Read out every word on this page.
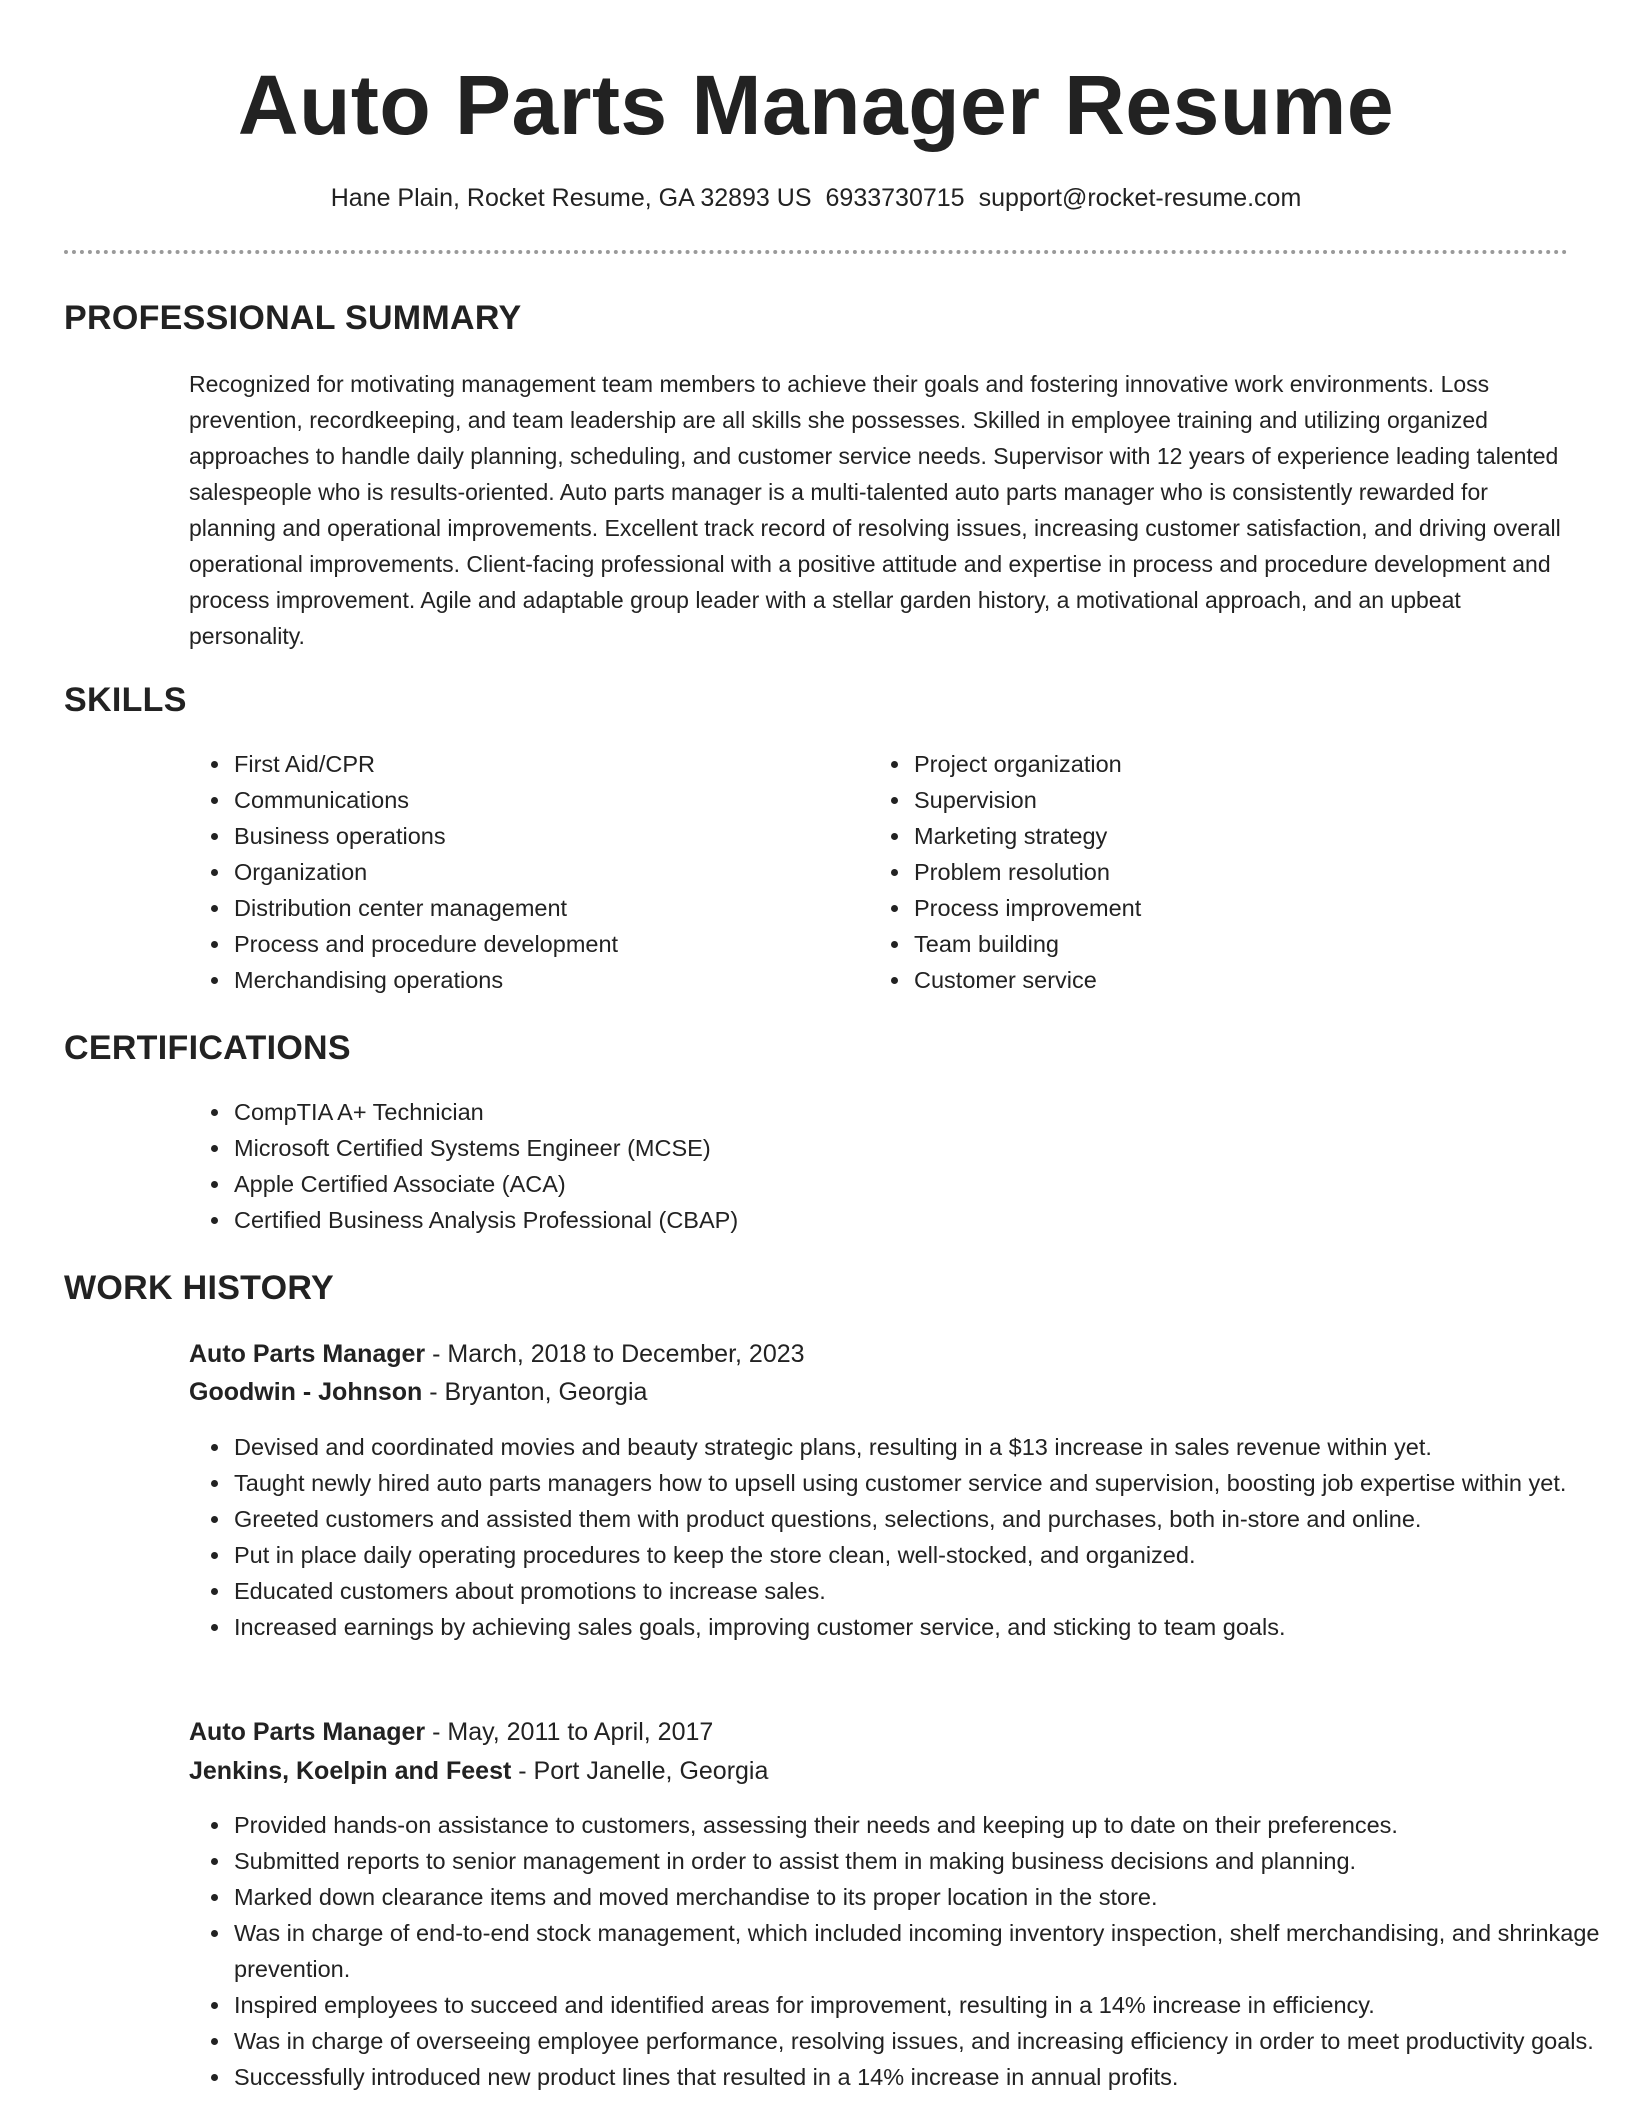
Auto Parts Manager Resume
Hane Plain, Rocket Resume, GA 32893 US 6933730715 support@rocket-resume.com
PROFESSIONAL SUMMARY

Recognized for motivating management team members to achieve their goals and fostering innovative work environments. Loss prevention, recordkeeping, and team leadership are all skills she possesses. Skilled in employee training and utilizing organized approaches to handle daily planning, scheduling, and customer service needs. Supervisor with 12 years of experience leading talented salespeople who is results-oriented. Auto parts manager is a multi-talented auto parts manager who is consistently rewarded for planning and operational improvements. Excellent track record of resolving issues, increasing customer satisfaction, and driving overall operational improvements. Client-facing professional with a positive attitude and expertise in process and procedure development and process improvement. Agile and adaptable group leader with a stellar garden history, a motivational approach, and an upbeat personality.

SKILLS
• First Aid/CPR
• Communications
• Business operations
• Organization
• Distribution center management
• Process and procedure development
• Merchandising operations
• Project organization
• Supervision
• Marketing strategy
• Problem resolution
• Process improvement
• Team building
• Customer service
CERTIFICATIONS
• CompTIA A+ Technician
• Microsoft Certified Systems Engineer (MCSE)
• Apple Certified Associate (ACA)
• Certified Business Analysis Professional (CBAP)
WORK HISTORY
Auto Parts Manager - March, 2018 to December, 2023
Goodwin - Johnson - Bryanton, Georgia
• Devised and coordinated movies and beauty strategic plans, resulting in a $13 increase in sales revenue within yet.
• Taught newly hired auto parts managers how to upsell using customer service and supervision, boosting job expertise within yet.
• Greeted customers and assisted them with product questions, selections, and purchases, both in-store and online.
• Put in place daily operating procedures to keep the store clean, well-stocked, and organized.
• Educated customers about promotions to increase sales.
• Increased earnings by achieving sales goals, improving customer service, and sticking to team goals.
Auto Parts Manager - May, 2011 to April, 2017
Jenkins, Koelpin and Feest - Port Janelle, Georgia
• Provided hands-on assistance to customers, assessing their needs and keeping up to date on their preferences.
• Submitted reports to senior management in order to assist them in making business decisions and planning.
• Marked down clearance items and moved merchandise to its proper location in the store.
• Was in charge of end-to-end stock management, which included incoming inventory inspection, shelf merchandising, and shrinkage prevention.
• Inspired employees to succeed and identified areas for improvement, resulting in a 14% increase in efficiency.
• Was in charge of overseeing employee performance, resolving issues, and increasing efficiency in order to meet productivity goals.
• Successfully introduced new product lines that resulted in a 14% increase in annual profits.
